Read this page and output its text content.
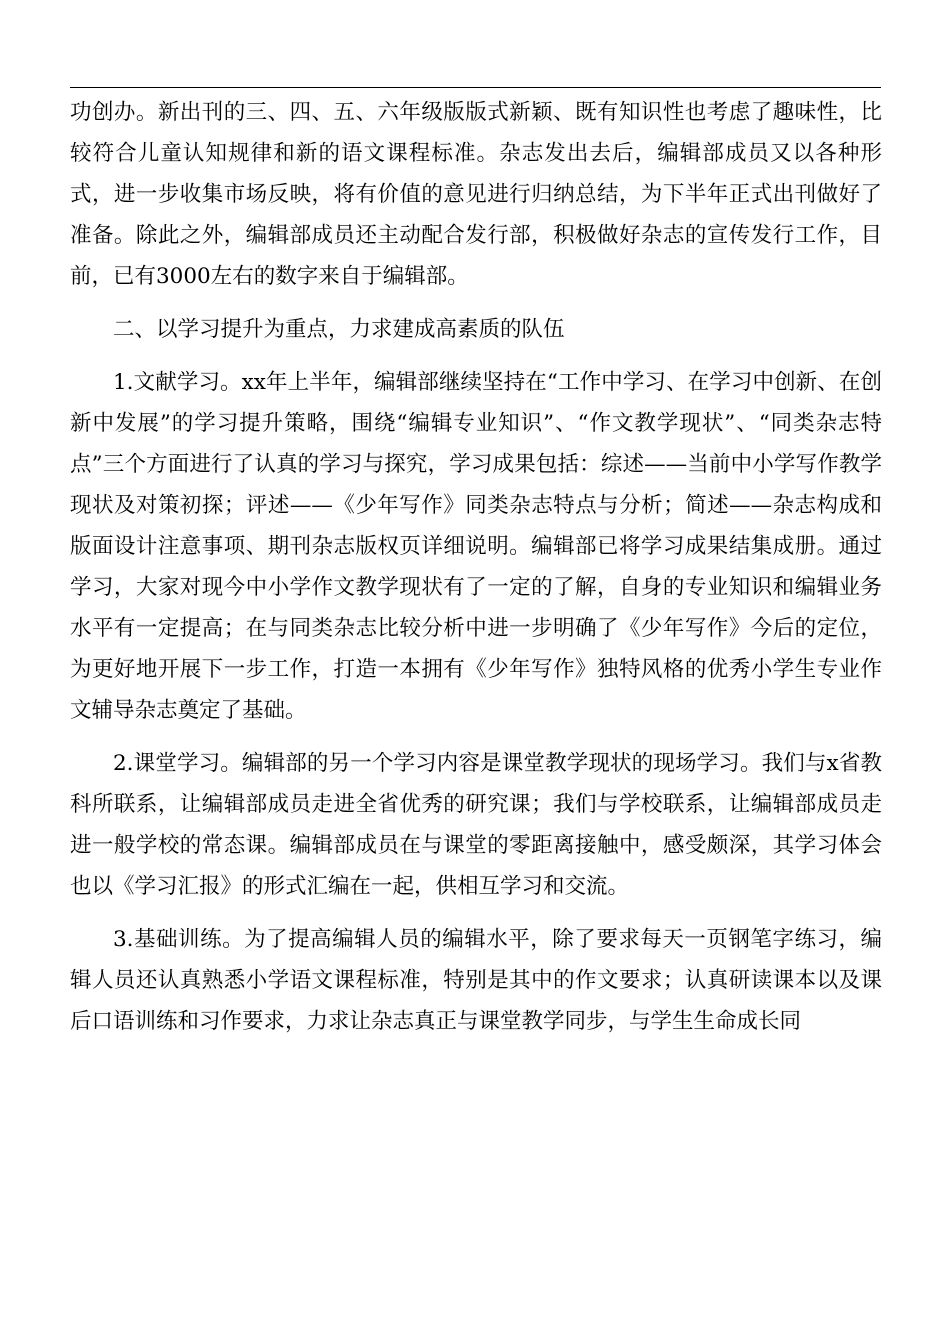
功创办。新出刊的三、四、五、六年级版版式新颖、既有知识性也考虑了趣味性，比较符合儿童认知规律和新的语文课程标准。杂志发出去后，编辑部成员又以各种形式，进一步收集市场反映，将有价值的意见进行归纳总结，为下半年正式出刊做好了准备。除此之外，编辑部成员还主动配合发行部，积极做好杂志的宣传发行工作，目前，已有3000左右的数字来自于编辑部。

二、以学习提升为重点，力求建成高素质的队伍

1.文献学习。xx年上半年，编辑部继续坚持在“工作中学习、在学习中创新、在创新中发展”的学习提升策略，围绕“编辑专业知识”、“作文教学现状”、“同类杂志特点”三个方面进行了认真的学习与探究，学习成果包括：综述——当前中小学写作教学现状及对策初探；评述——《少年写作》同类杂志特点与分析；简述——杂志构成和版面设计注意事项、期刊杂志版权页详细说明。编辑部已将学习成果结集成册。通过学习，大家对现今中小学作文教学现状有了一定的了解，自身的专业知识和编辑业务水平有一定提高；在与同类杂志比较分析中进一步明确了《少年写作》今后的定位，为更好地开展下一步工作，打造一本拥有《少年写作》独特风格的优秀小学生专业作文辅导杂志奠定了基础。

2.课堂学习。编辑部的另一个学习内容是课堂教学现状的现场学习。我们与x省教科所联系，让编辑部成员走进全省优秀的研究课；我们与学校联系，让编辑部成员走进一般学校的常态课。编辑部成员在与课堂的零距离接触中，感受颇深，其学习体会也以《学习汇报》的形式汇编在一起，供相互学习和交流。

3.基础训练。为了提高编辑人员的编辑水平，除了要求每天一页钢笔字练习，编辑人员还认真熟悉小学语文课程标准，特别是其中的作文要求；认真研读课本以及课后口语训练和习作要求，力求让杂志真正与课堂教学同步，与学生生命成长同
